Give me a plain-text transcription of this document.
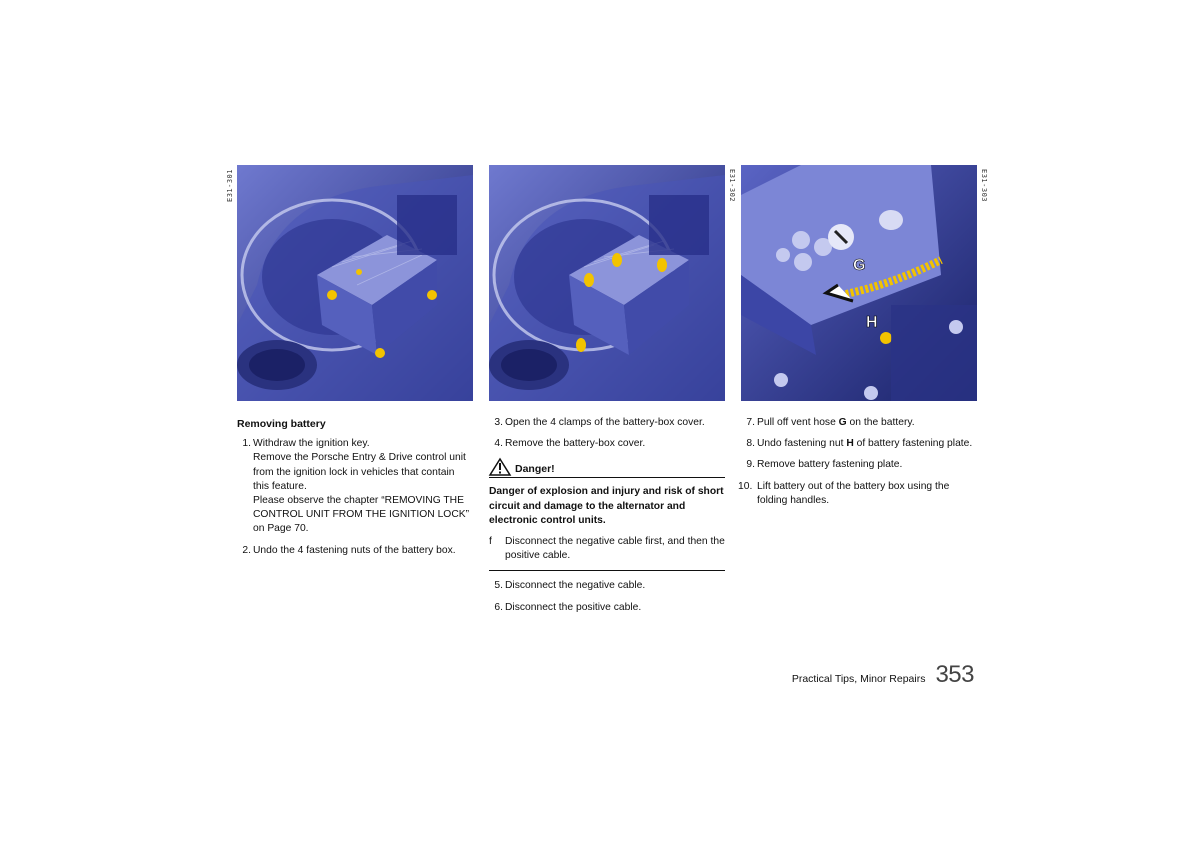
E31-301	E31-302
G
H
E31-303
Removing battery
1. Withdraw the ignition key.
Remove the Porsche Entry & Drive control unit from the ignition lock in vehicles that contain this feature.
Please observe the chapter “REMOVING THE CONTROL UNIT FROM THE IGNITION LOCK” on Page 70.
2. Undo the 4 fastening nuts of the battery box.
3. Open the 4 clamps of the battery-box cover.
4. Remove the battery-box cover.
Danger!
Danger of explosion and injury and risk of short circuit and damage to the alternator and electronic control units.
f Disconnect the negative cable first, and then the positive cable.
5. Disconnect the negative cable.
6. Disconnect the positive cable.
7. Pull off vent hose G on the battery.
8. Undo fastening nut H of battery fastening plate.
9. Remove battery fastening plate.
10. Lift battery out of the battery box using the folding handles.
Practical Tips, Minor Repairs 353
